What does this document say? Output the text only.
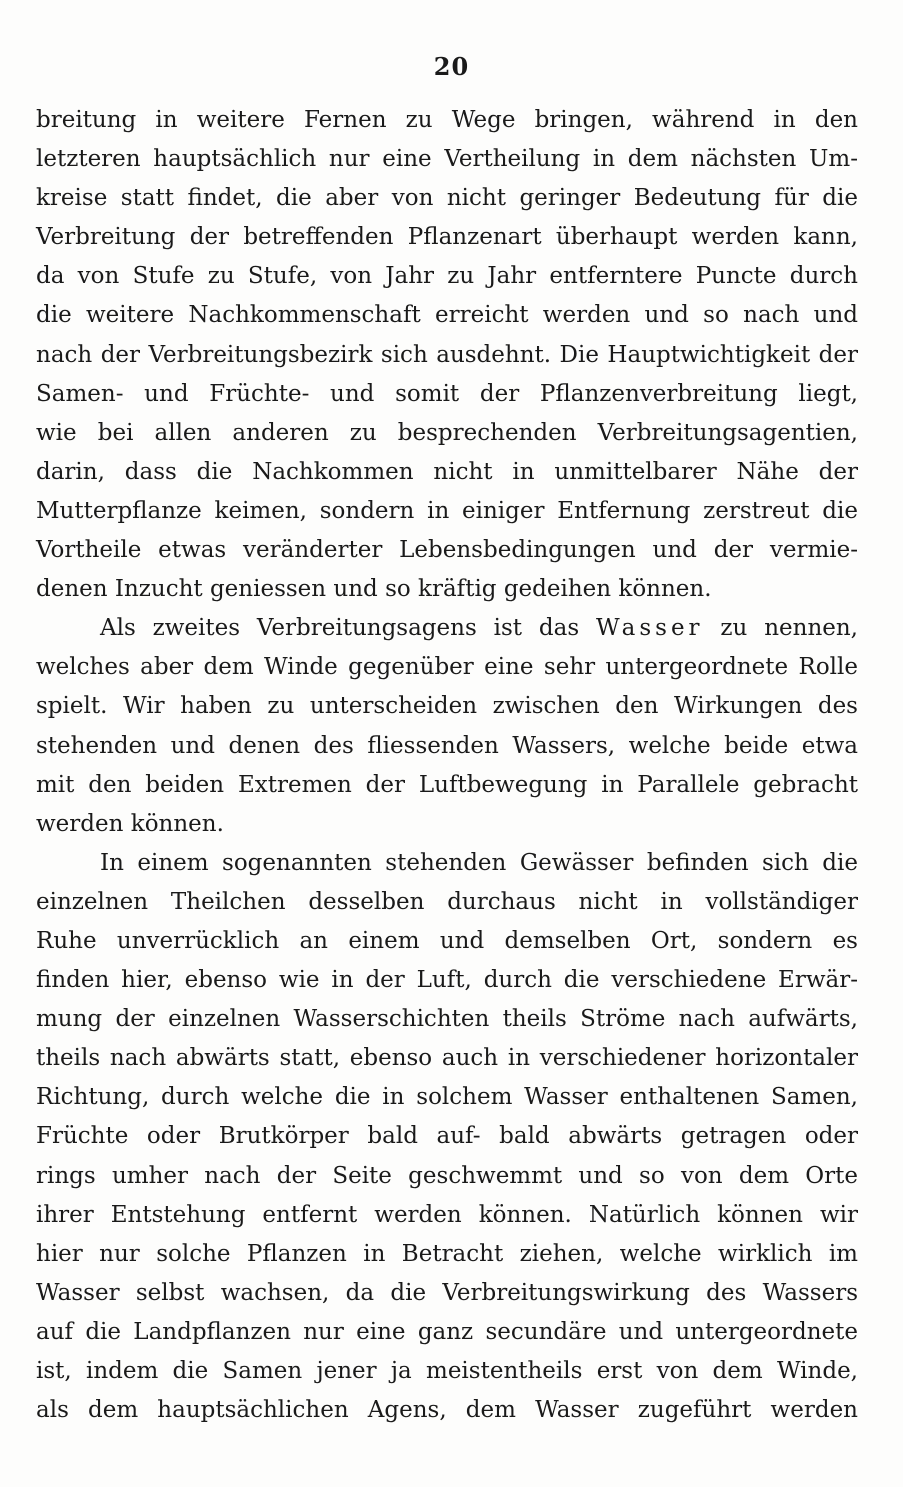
20
breitung in weitere Fernen zu Wege bringen, während in den
letzteren hauptsächlich nur eine Vertheilung in dem nächsten Um-
kreise statt findet, die aber von nicht geringer Bedeutung für die
Verbreitung der betreffenden Pflanzenart überhaupt werden kann,
da von Stufe zu Stufe, von Jahr zu Jahr entferntere Puncte durch
die weitere Nachkommenschaft erreicht werden und so nach und
nach der Verbreitungsbezirk sich ausdehnt. Die Hauptwichtigkeit der
Samen- und Früchte- und somit der Pflanzenverbreitung liegt,
wie bei allen anderen zu besprechenden Verbreitungsagentien,
darin, dass die Nachkommen nicht in unmittelbarer Nähe der
Mutterpflanze keimen, sondern in einiger Entfernung zerstreut die
Vortheile etwas veränderter Lebensbedingungen und der vermie-
denen Inzucht geniessen und so kräftig gedeihen können.
Als zweites Verbreitungsagens ist das Wasser zu nennen,
welches aber dem Winde gegenüber eine sehr untergeordnete Rolle
spielt. Wir haben zu unterscheiden zwischen den Wirkungen des
stehenden und denen des fliessenden Wassers, welche beide etwa
mit den beiden Extremen der Luftbewegung in Parallele gebracht
werden können.
In einem sogenannten stehenden Gewässer befinden sich die
einzelnen Theilchen desselben durchaus nicht in vollständiger
Ruhe unverrücklich an einem und demselben Ort, sondern es
finden hier, ebenso wie in der Luft, durch die verschiedene Erwär-
mung der einzelnen Wasserschichten theils Ströme nach aufwärts,
theils nach abwärts statt, ebenso auch in verschiedener horizontaler
Richtung, durch welche die in solchem Wasser enthaltenen Samen,
Früchte oder Brutkörper bald auf- bald abwärts getragen oder
rings umher nach der Seite geschwemmt und so von dem Orte
ihrer Entstehung entfernt werden können. Natürlich können wir
hier nur solche Pflanzen in Betracht ziehen, welche wirklich im
Wasser selbst wachsen, da die Verbreitungswirkung des Wassers
auf die Landpflanzen nur eine ganz secundäre und untergeordnete
ist, indem die Samen jener ja meistentheils erst von dem Winde,
als dem hauptsächlichen Agens, dem Wasser zugeführt werden
